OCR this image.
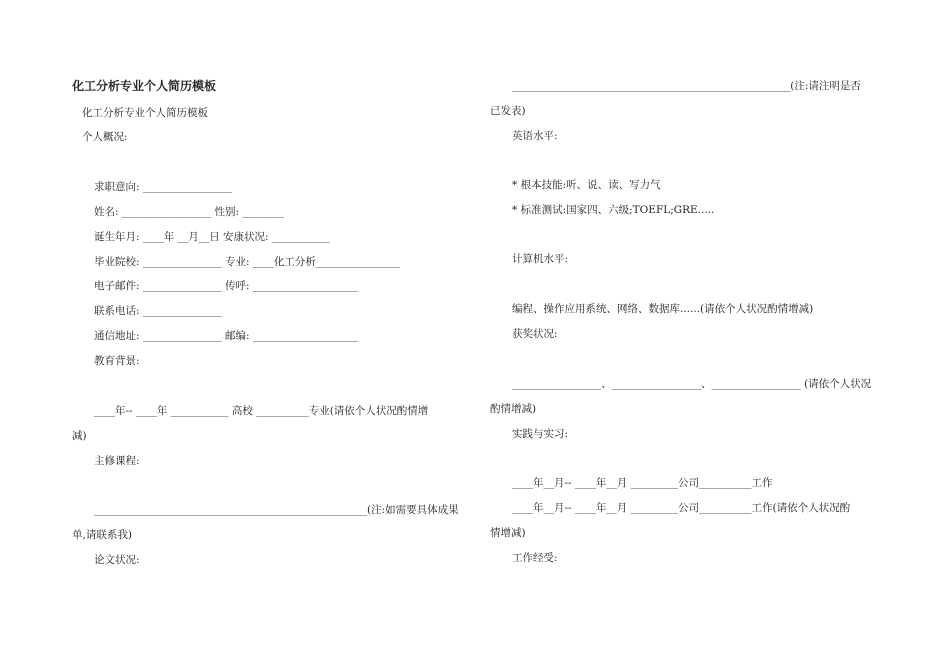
化工分析专业个人简历模板
化工分析专业个人简历模板
个人概况:
求职意向: _________________
姓名: _________________ 性别: ________
诞生年月: ____年 __月__日 安康状况: ___________
毕业院校: _______________ 专业: ____化工分析________________
电子邮件: _______________ 传呼: ____________________
联系电话: _______________
通信地址: _______________ 邮编: ____________________
教育背景:
____年-- ____年 ___________ 高校 __________专业(请依个人状况酌情增
减)
主修课程:
____________________________________________________(注:如需要具体成果
单,请联系我)
论文状况:
_____________________________________________________(注:请注明是否
已发表)
英语水平:
* 根本技能:听、说、读、写力气
* 标准测试:国家四、六级;TOEFL;GRE.....
计算机水平:
编程、操作应用系统、网络、数据库......(请依个人状况酌情增减)
获奖状况:
_________________、_________________、_________________ (请依个人状况
酌情增减)
实践与实习:
____年__月-- ____年__月 _________公司__________工作
____年__月-- ____年__月 _________公司__________工作(请依个人状况酌
情增减)
工作经受:
